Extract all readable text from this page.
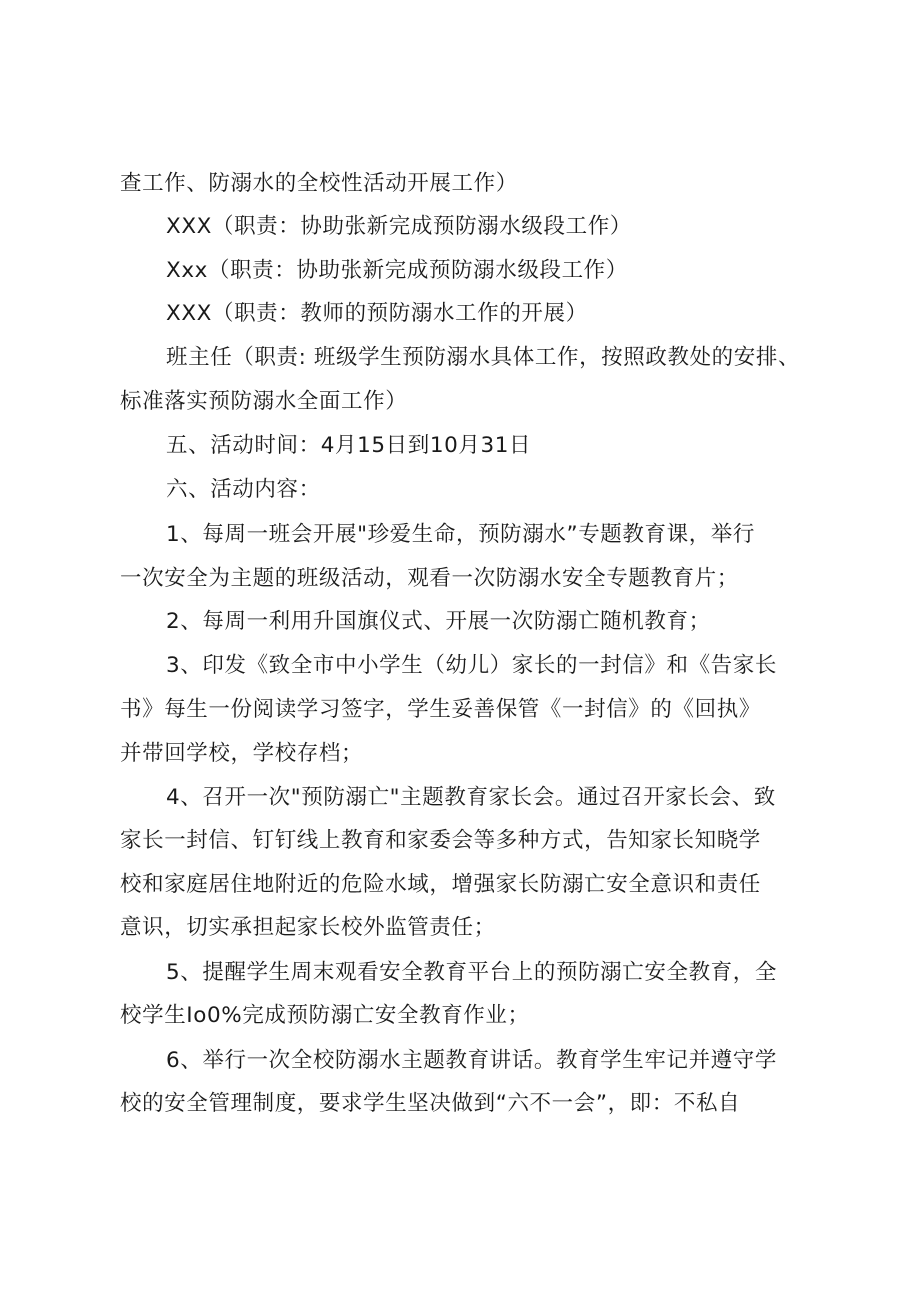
查工作、防溺水的全校性活动开展工作）
XXX（职责：协助张新完成预防溺水级段工作）
Xxx（职责：协助张新完成预防溺水级段工作）
XXX（职责：教师的预防溺水工作的开展）
班主任（职责: 班级学生预防溺水具体工作，按照政教处的安排、
标准落实预防溺水全面工作）
五、活动时间：4月15日到10月31日
六、活动内容：
1、每周一班会开展"珍爱生命，预防溺水”专题教育课，举行
一次安全为主题的班级活动，观看一次防溺水安全专题教育片；
2、每周一利用升国旗仪式、开展一次防溺亡随机教育；
3、印发《致全市中小学生（幼儿）家长的一封信》和《告家长
书》每生一份阅读学习签字，学生妥善保管《一封信》的《回执》
并带回学校，学校存档；
4、召开一次"预防溺亡"主题教育家长会。通过召开家长会、致
家长一封信、钉钉线上教育和家委会等多种方式，告知家长知晓学
校和家庭居住地附近的危险水域，增强家长防溺亡安全意识和责任
意识，切实承担起家长校外监管责任；
5、提醒学生周末观看安全教育平台上的预防溺亡安全教育，全
校学生Io0%完成预防溺亡安全教育作业；
6、举行一次全校防溺水主题教育讲话。教育学生牢记并遵守学
校的安全管理制度，要求学生坚决做到“六不一会”，即：不私自
